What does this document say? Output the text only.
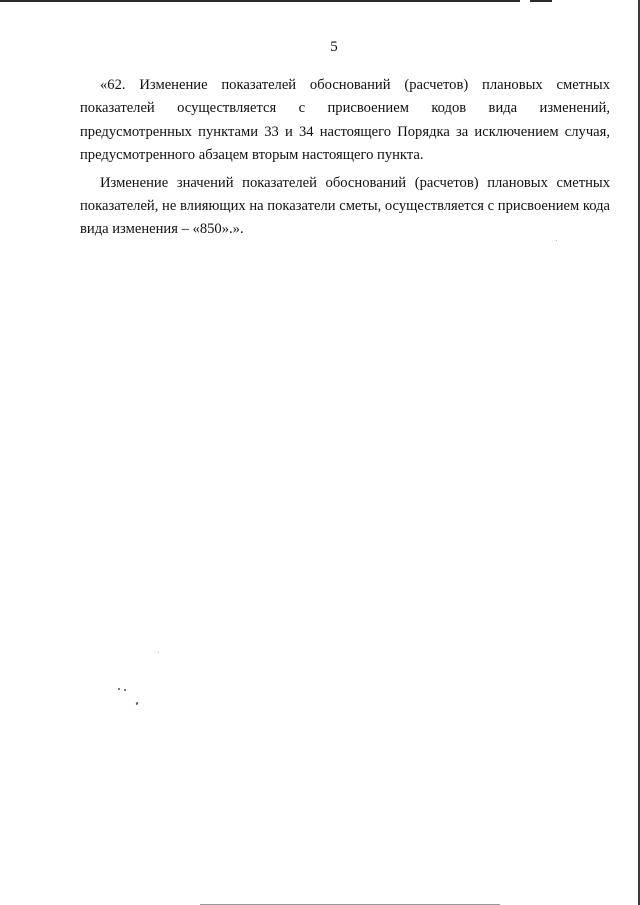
5

«62. Изменение показателей обоснований (расчетов) плановых сметных показателей осуществляется с присвоением кодов вида изменений, предусмотренных пунктами 33 и 34 настоящего Порядка за исключением случая, предусмотренного абзацем вторым настоящего пункта.

Изменение значений показателей обоснований (расчетов) плановых сметных показателей, не влияющих на показатели сметы, осуществляется с присвоением кода вида изменения – «850».».
